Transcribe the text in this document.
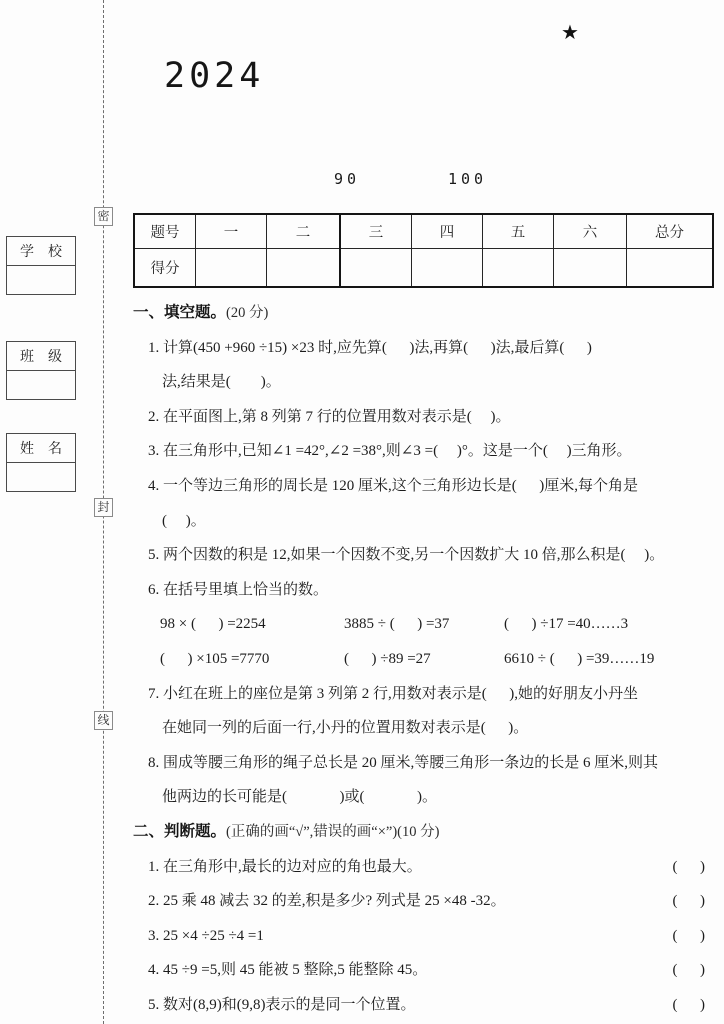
密
封
线
学　校
班　级
姓　名
★
2024
90	100
题号	一	二	三	四	五	六	总分
得分							
一、填空题。(20 分)
1. 计算(450 +960 ÷15) ×23 时,应先算(      )法,再算(      )法,最后算(      )
法,结果是(        )。
2. 在平面图上,第 8 列第 7 行的位置用数对表示是(     )。
3. 在三角形中,已知∠1 =42°,∠2 =38°,则∠3 =(     )°。这是一个(     )三角形。
4. 一个等边三角形的周长是 120 厘米,这个三角形边长是(      )厘米,每个角是
(     )。
5. 两个因数的积是 12,如果一个因数不变,另一个因数扩大 10 倍,那么积是(     )。
6. 在括号里填上恰当的数。
98 × (      ) =2254	3885 ÷ (      ) =37	(      ) ÷17 =40……3
(      ) ×105 =7770	(      ) ÷89 =27	6610 ÷ (      ) =39……19
7. 小红在班上的座位是第 3 列第 2 行,用数对表示是(      ),她的好朋友小丹坐
在她同一列的后面一行,小丹的位置用数对表示是(      )。
8. 围成等腰三角形的绳子总长是 20 厘米,等腰三角形一条边的长是 6 厘米,则其
他两边的长可能是(              )或(              )。
二、判断题。(正确的画“√”,错误的画“×”)(10 分)
1. 在三角形中,最长的边对应的角也最大。	(      )
2. 25 乘 48 减去 32 的差,积是多少? 列式是 25 ×48 -32。	(      )
3. 25 ×4 ÷25 ÷4 =1	(      )
4. 45 ÷9 =5,则 45 能被 5 整除,5 能整除 45。	(      )
5. 数对(8,9)和(9,8)表示的是同一个位置。	(      )
